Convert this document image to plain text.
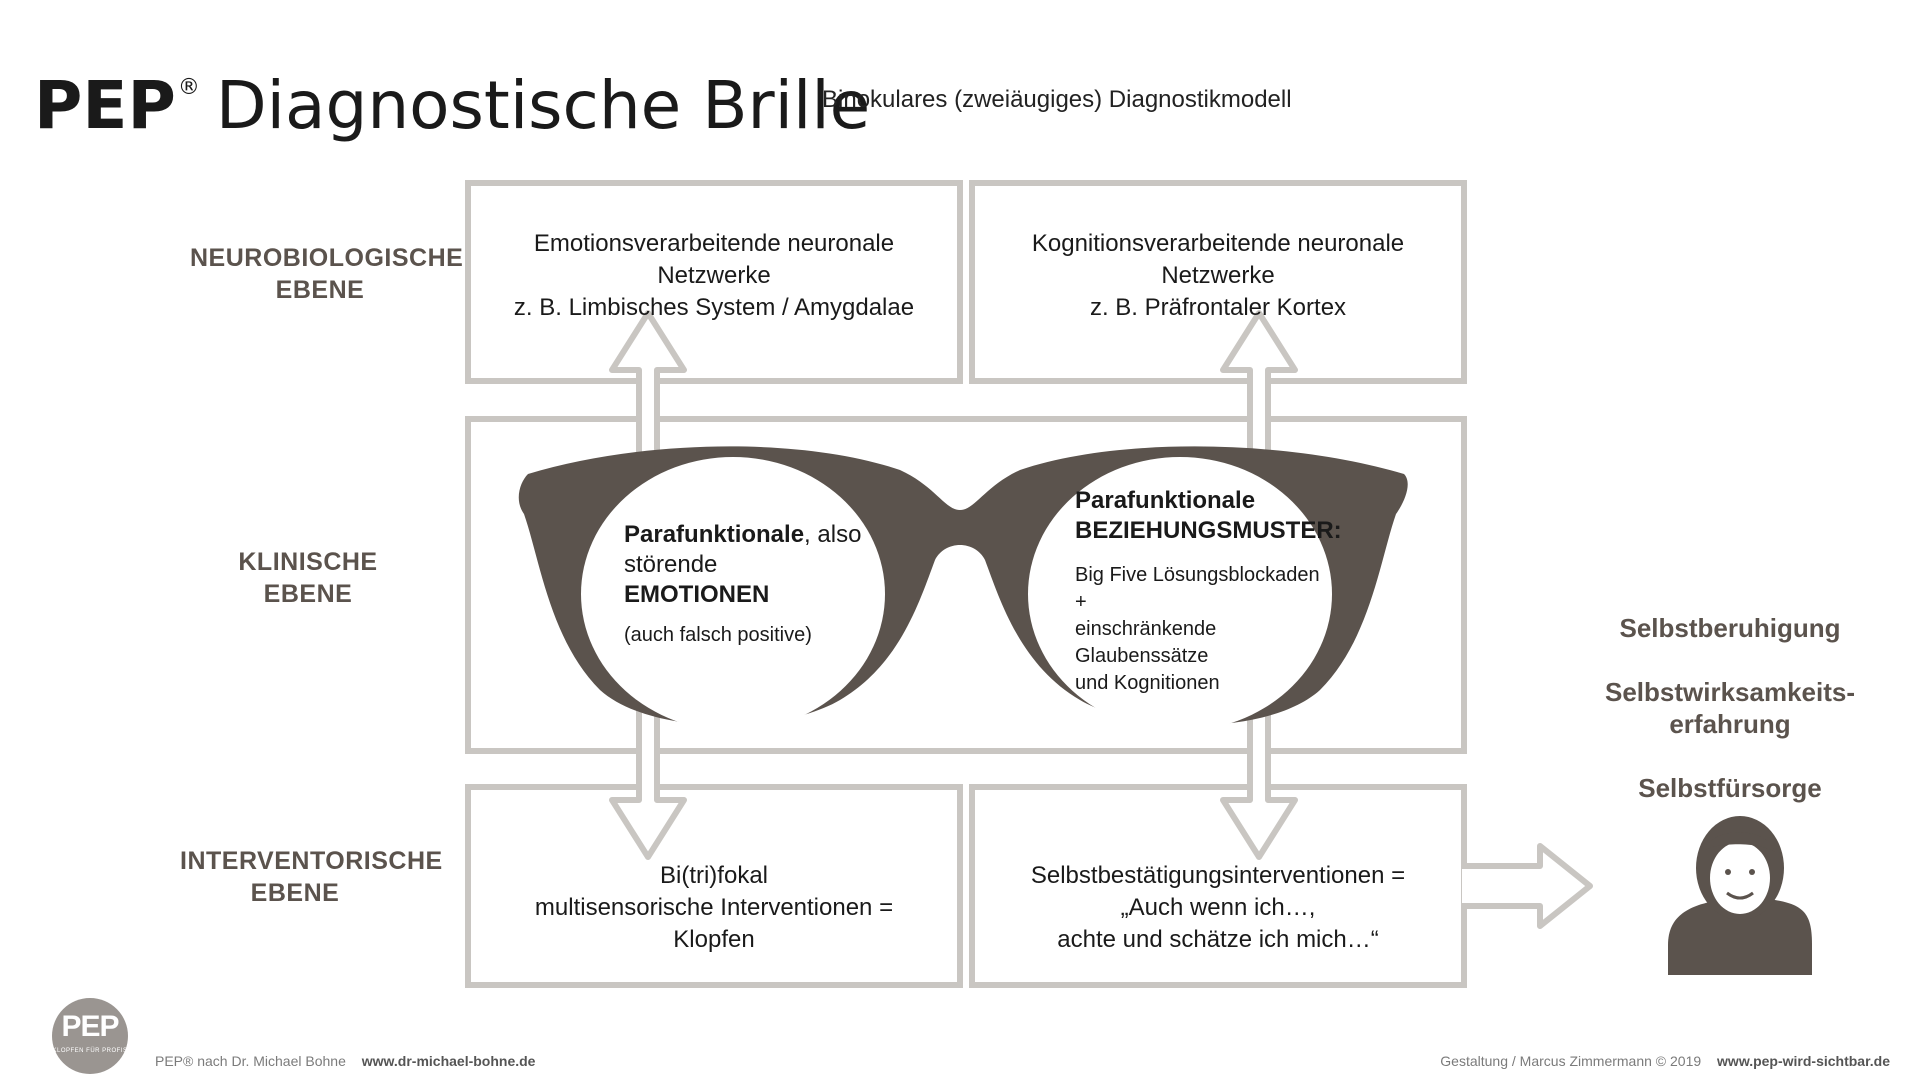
PEP® Diagnostische Brille
Binokulares (zweiäugiges) Diagnostikmodell
NEUROBIOLOGISCHE
EBENE
KLINISCHE
EBENE
INTERVENTORISCHE
EBENE
Emotionsverarbeitende neuronale Netzwerke
z. B. Limbisches System / Amygdalae
Kognitionsverarbeitende neuronale Netzwerke
z. B. Präfrontaler Kortex
Bi(tri)fokal
multisensorische Interventionen =
Klopfen
Selbstbestätigungsinterventionen =
„Auch wenn ich…,
achte und schätze ich mich…“
Parafunktionale, also
störende EMOTIONEN
(auch falsch positive)
Parafunktionale
BEZIEHUNGSMUSTER:
Big Five Lösungsblockaden +
einschränkende Glaubenssätze
und Kognitionen
Selbstberuhigung
Selbstwirksamkeits-
erfahrung
Selbstfürsorge
PEP
KLOPFEN FÜR PROFIS
PEP® nach Dr. Michael Bohne www.dr-michael-bohne.de	Gestaltung / Marcus Zimmermann © 2019 www.pep-wird-sichtbar.de
